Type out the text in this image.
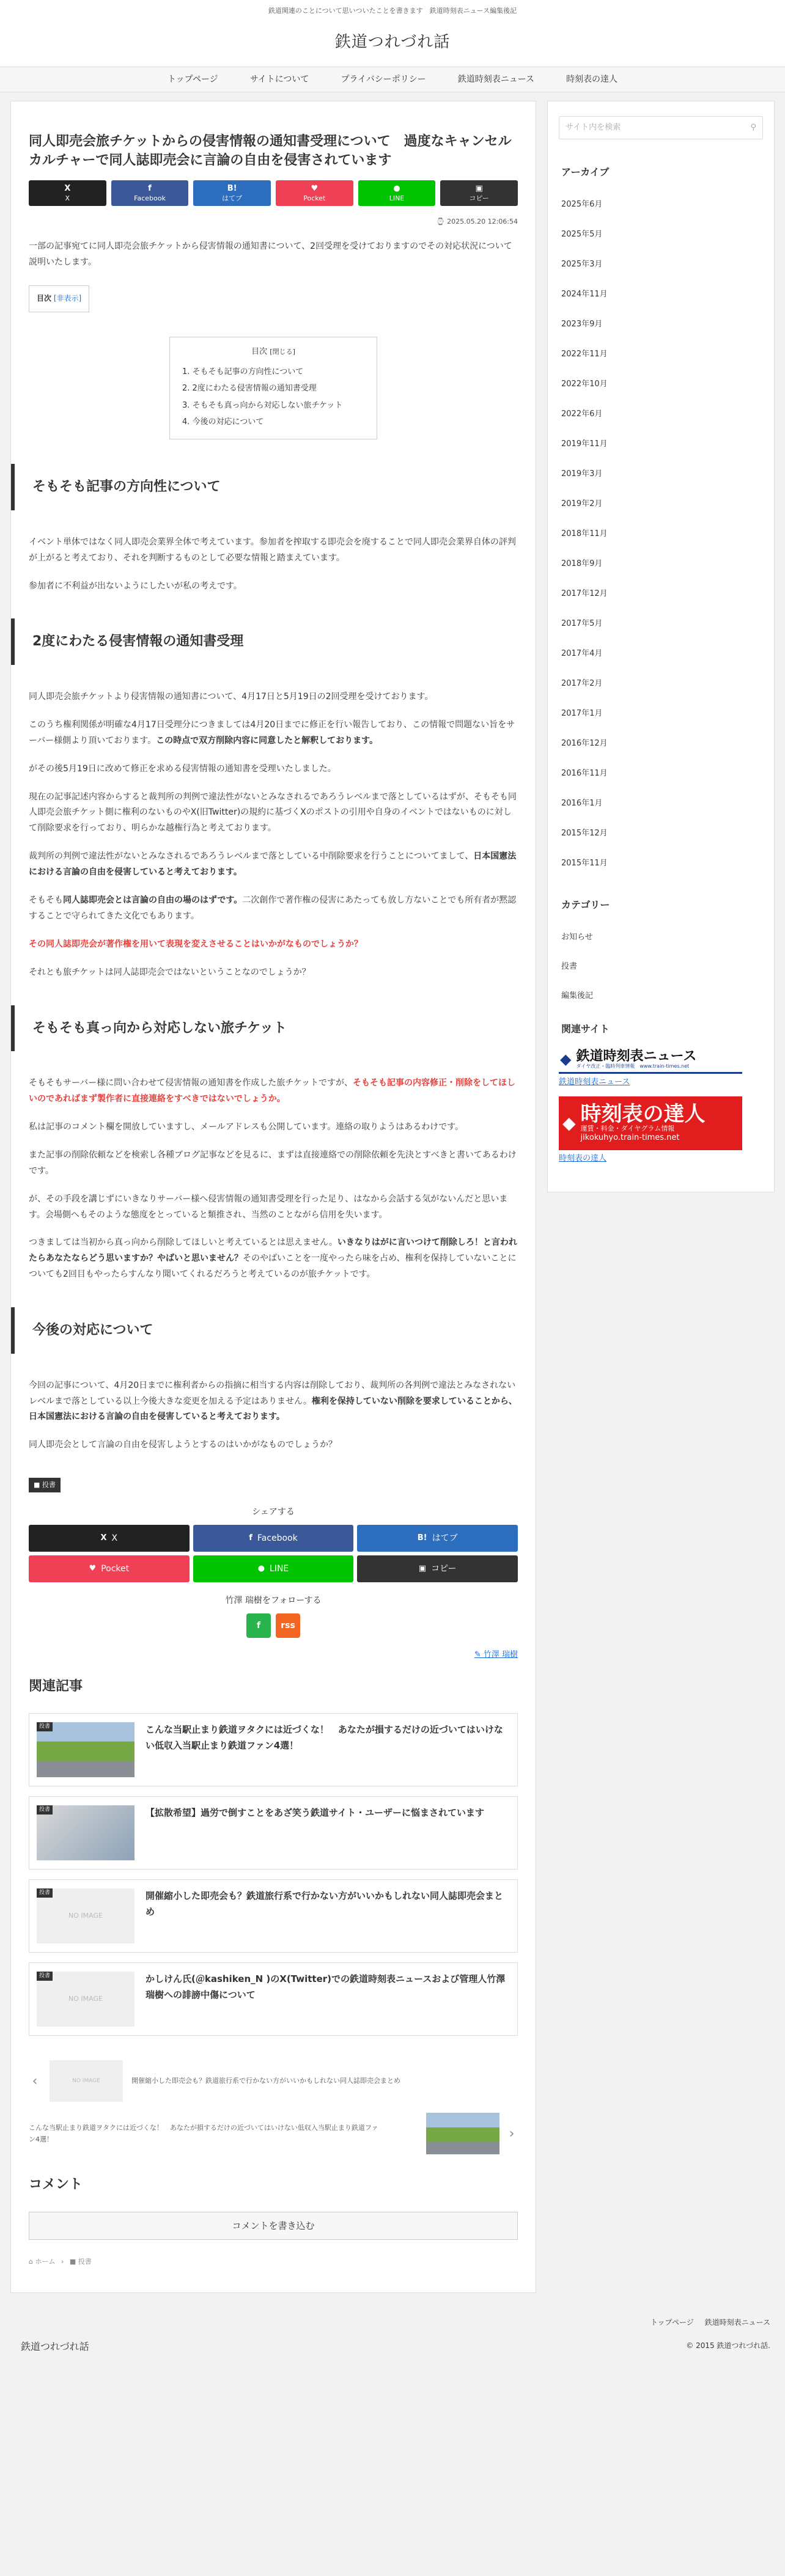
鉄道関連のことについて思いついたことを書きます　鉄道時刻表ニュース編集後記
鉄道つれづれ話
トップページ	サイトについて	プライバシーポリシー	鉄道時刻表ニュース	時刻表の達人
同人即売会旅チケットからの侵害情報の通知書受理について　過度なキャンセルカルチャーで同人誌即売会に言論の自由を侵害されています
X
X
f
Facebook
B!
はてブ
♥
Pocket
●
LINE
▣
コピー
⌚ 2025.05.20 12:06:54

一部の記事宛てに同人即売会旅チケットから侵害情報の通知書について、2回受理を受けておりますのでその対応状況について説明いたします。

目次 [非表示]
目次 [閉じる]
1. そもそも記事の方向性について
2. 2度にわたる侵害情報の通知書受理
3. そもそも真っ向から対応しない旅チケット
4. 今後の対応について
そもそも記事の方向性について

イベント単体ではなく同人即売会業界全体で考えています。参加者を搾取する即売会を廃することで同人即売会業界自体の評判が上がると考えており、それを判断するものとして必要な情報と踏まえています。

参加者に不利益が出ないようにしたいが私の考えです。

2度にわたる侵害情報の通知書受理

同人即売会旅チケットより侵害情報の通知書について、4月17日と5月19日の2回受理を受けております。

このうち権利関係が明確な4月17日受理分につきましては4月20日までに修正を行い報告しており、この情報で問題ない旨をサーバー様側より頂いております。この時点で双方削除内容に同意したと解釈しております。

がその後5月19日に改めて修正を求める侵害情報の通知書を受理いたしました。

現在の記事記述内容からすると裁判所の判例で違法性がないとみなされるであろうレベルまで落としているはずが、そもそも同人即売会旅チケット側に権利のないものやX(旧Twitter)の規約に基づくXのポストの引用や自身のイベントではないものに対して削除要求を行っており、明らかな越権行為と考えております。

裁判所の判例で違法性がないとみなされるであろうレベルまで落としている中削除要求を行うことについてまして、日本国憲法における言論の自由を侵害していると考えております。

そもそも同人誌即売会とは言論の自由の場のはずです。二次創作で著作権の侵害にあたっても放し方ないことでも所有者が黙認することで守られてきた文化でもあります。

その同人誌即売会が著作権を用いて表現を変えさせることはいかがなものでしょうか？

それとも旅チケットは同人誌即売会ではないということなのでしょうか？

そもそも真っ向から対応しない旅チケット

そもそもサーバー様に問い合わせて侵害情報の通知書を作成した旅チケットですが、そもそも記事の内容修正・削除をしてほしいのであればまず製作者に直接連絡をすべきではないでしょうか。

私は記事のコメント欄を開放していますし、メールアドレスも公開しています。連絡の取りようはあるわけです。

また記事の削除依頼などを検索し各種ブログ記事などを見るに、まずは直接連絡での削除依頼を先決とすべきと書いてあるわけです。

が、その手段を講じずにいきなりサーバー様へ侵害情報の通知書受理を行った足り、はなから会話する気がないんだと思います。会場側へもそのような態度をとっていると類推され、当然のことながら信用を失います。

つきましては当初から真っ向から削除してほしいと考えているとは思えません。いきなりはがに言いつけて削除しろ！と言われたらあなたならどう思いますか？やばいと思いません？そのやばいことを一度やったら味を占め、権利を保持していないことについても2回目もやったらすんなり聞いてくれるだろうと考えているのが旅チケットです。

今後の対応について

今回の記事について、4月20日までに権利者からの指摘に相当する内容は削除しており、裁判所の各判例で違法とみなされないレベルまで落としている以上今後大きな変更を加える予定はありません。権利を保持していない削除を要求していることから、日本国憲法における言論の自由を侵害していると考えております。

同人即売会として言論の自由を侵害しようとするのはいかがなものでしょうか？

■ 投書
シェアする
X X	f Facebook	B! はてブ
♥ Pocket	● LINE	▣ コピー
竹澤 瑞樹をフォローする
f	rss
✎ 竹澤 瑞樹
関連記事
投書	こんな当駅止まり鉄道ヲタクには近づくな！　あなたが損するだけの近づいてはいけない低収入当駅止まり鉄道ファン4選！
投書	【拡散希望】過労で倒すことをあざ笑う鉄道サイト・ユーザーに悩まされています
投書
NO IMAGE
開催縮小した即売会も？鉄道旅行系で行かない方がいいかもしれない同人誌即売会まとめ
投書
NO IMAGE
かしけん氏(＠kashiken_N )のX(Twitter)での鉄道時刻表ニュースおよび管理人竹澤瑞樹への誹謗中傷について
‹	NO IMAGE	開催縮小した即売会も？鉄道旅行系で行かない方がいいかもしれない同人誌即売会まとめ
こんな当駅止まり鉄道ヲタクには近づくな！　あなたが損するだけの近づいてはいけない低収入当駅止まり鉄道ファン4選！	›
コメント
コメントを書き込む
⌂ ホーム › ■ 投書
サイト内を検索	⚲
アーカイブ
2025年6月
2025年5月
2025年3月
2024年11月
2023年9月
2022年11月
2022年10月
2022年6月
2019年11月
2019年3月
2019年2月
2018年11月
2018年9月
2017年12月
2017年5月
2017年4月
2017年2月
2017年1月
2016年12月
2016年11月
2016年1月
2015年12月
2015年11月
カテゴリー
お知らせ
投書
編集後記
関連サイト
◆ 鉄道時刻表ニュース
ダイヤ改正・臨時列車情報　 www.train-times.net
鉄道時刻表ニュース
◆ 時刻表の達人
運賃・料金・ダイヤグラム情報
jikokuhyo.train-times.net
時刻表の達人
トップページ 鉄道時刻表ニュース
鉄道つれづれ話	© 2015 鉄道つれづれ話.
